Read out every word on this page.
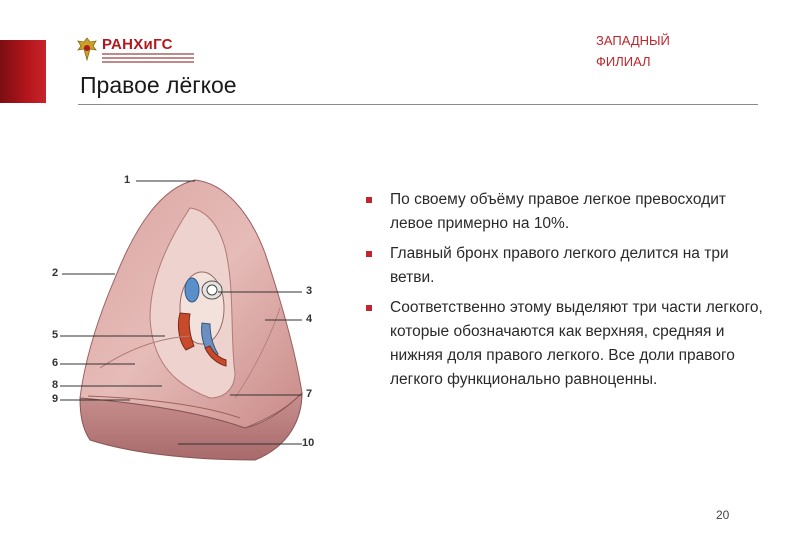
РАНХиГС	ЗАПАДНЫЙ
ФИЛИАЛ
Правое лёгкое
1
2
3
4
5
6
7
8
9
10
По своему объёму правое легкое превосходит левое примерно на 10%.
Главный бронх правого легкого делится на три ветви.
Соответственно этому выделяют три части легкого, которые обозначаются как верхняя, средняя и нижняя доля правого легкого. Все доли правого легкого функционально равноценны.
20
